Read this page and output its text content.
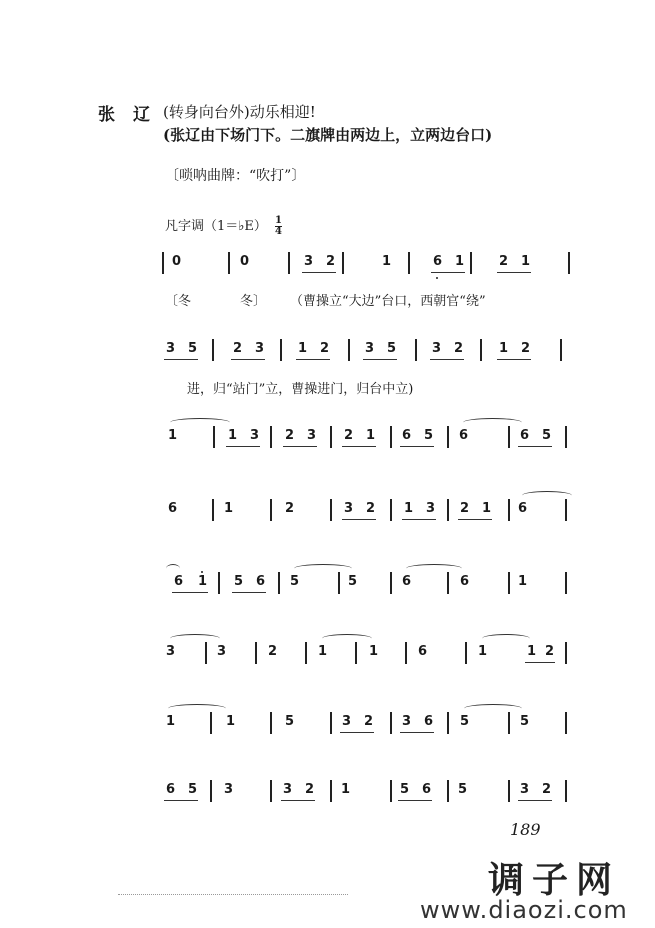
张辽
(转身向台外)动乐相迎!
(张辽由下场门下。二旗牌由两边上，立两边台口)
〔唢呐曲牌：“吹打”〕
凡字调（1＝♭E） $\frac{1}{4}$
0	0	3 2	1	6 1	2 1
3 5	2 3	1 2	3 5	3 2	1 2
1	1 3 2 3 2 1 6 5 6	6 5
6	1	2	3 2 1 3 2 1 6
6 1 5 6 5	5	6	6	1
3	3	2	1	1	6	1	1 2
1	1	5	3 2 3 6 5	5
6 5 3	3 2 1	5 6 5	3 2
〔冬	冬〕 （曹操立“大边”台口，西朝官“绕”
进，归“站门”立，曹操进门，归台中立)
189
调子网
www.diaozi.com
